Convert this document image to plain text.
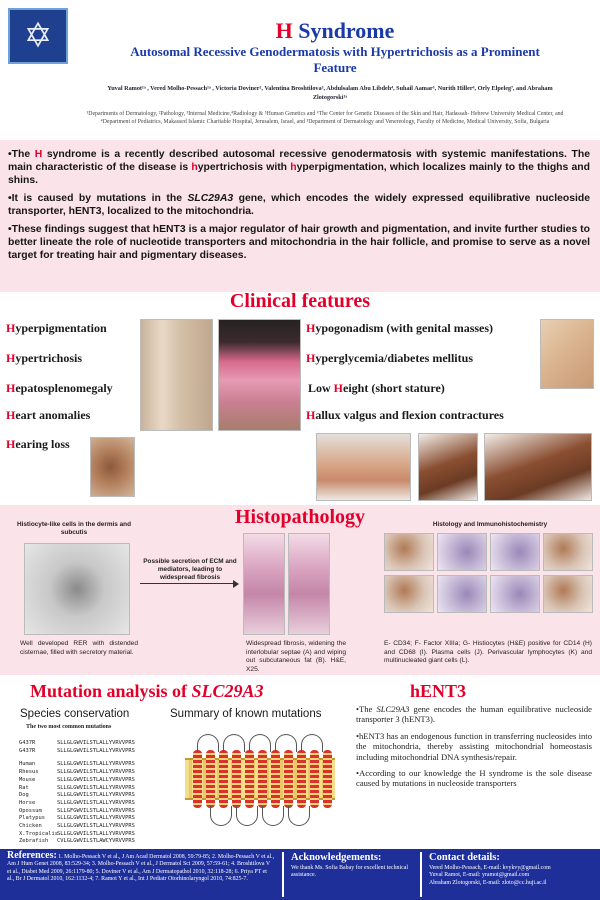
✡	H Syndrome
Autosomal Recessive Genodermatosis with Hypertrichosis as a Prominent Feature
Yuval Ramot¹ᵃ , Vered Molho-Pessach¹ᵃ , Victoria Doviner², Valentina Broshtilova³, Abdulsalam Abu Libdeh⁴, Suhail Aamar⁵, Nurith Hiller⁶, Orly Elpeleg⁷, and Abraham Zlotogorski¹ᵃ
¹Departments of Dermatology, ²Pathology, ³Internal Medicine,⁴Radiology & ⁵Human Genetics and ⁶The Center for Genetic Diseases of the Skin and Hair, Hadassah- Hebrew University Medical Center, and ⁴Department of Pediatrics, Makassed Islamic Charitable Hospital, Jerusalem, Israel, and ³Department of Dermatology and Venereology, Faculty of Medicine, Medical University, Sofia, Bulgaria

•The H syndrome is a recently described autosomal recessive genodermatosis with systemic manifestations. The main characteristic of the disease is hypertrichosis with hyperpigmentation, which localizes mainly to the thighs and shins.

•It is caused by mutations in the SLC29A3 gene, which encodes the widely expressed equilibrative nucleoside transporter, hENT3, localized to the mitochondria.

•These findings suggest that hENT3 is a major regulator of hair growth and pigmentation, and invite further studies to better lineate the role of nucleotide transporters and mitochondria in the hair follicle, and promise to serve as a novel target for treating hair and pigmentary diseases.

Clinical features
Hyperpigmentation
Hypertrichosis
Hepatosplenomegaly
Heart anomalies
Hearing loss
Hypogonadism (with genital masses)
Hyperglycemia/diabetes mellitus
Low Height (short stature)
Hallux valgus and flexion contractures
Histopathology
Histiocyte-like cells in the dermis and subcutis
Well developed RER with distended cisternae, filled with secretory material.
Possible secretion of ECM and mediators, leading to widespread fibrosis
Widespread fibrosis, widening the interlobular septae (A) and wiping out subcutaneous fat (B). H&E, X25.
Histology and Immunohistochemistry
E- CD34; F- Factor XIIIa; G- Histiocytes (H&E) positive for CD14 (H) and CD68 (I). Plasma cells (J). Perivascular lymphocytes (K) and multinucleated giant cells (L).
Mutation analysis of SLC29A3
Species conservation
The two most common mutations
G437R	SLLGLGWVILSTLALLYVRVVPRS
G437R	SLLGLGWVILSTLALLYVRVVPRS
Human	SLLGLGWVILSTLALLYVRVVPRS
Rhesus	SLLGLGWVILSTLALLYVRVVPRS
Mouse	SLLGLGWVILSTLALLYVRVVPRS
Rat	SLLGLGWVILSTLALLYVRVVPRS
Dog	SLLGLGWVILSTLALLYVRVVPRS
Horse	SLLGLGWVILSTLALLYVRVVPRS
Opossum	SLLGFGWVILSTLALLYVRVVPRS
Platypus	SLLGLGWVILSTLALLYVRVVPRS
Chicken	SLLGLGWVILSTLALLYVRVVPRS
X.Tropicalis SLLGLGWVILSTLALLYVRVVPRS
Zebrafish	CVLGLGWVILSTLAWCYVRVVPRS
Summary of known mutations
hENT3

•The SLC29A3 gene encodes the human equilibrative nucleoside transporter 3 (hENT3).

•hENT3 has an endogenous function in transferring nucleosides into the mitochondria, thereby assisting mitochondrial homeostasis including mitochondrial DNA synthesis/repair.

•According to our knowledge the H syndrome is the sole disease caused by mutations in nucleoside transporters

References: 1. Molho-Pessach V et al., J Am Acad Dermatol 2008, 59:79-85; 2. Molho-Pessach V et al., Am J Hum Genet 2008, 83:529-34; 3. Molho-Pessach V et al., J Dermatol Sci 2009, 57:59-61; 4. Broshtilova V et al., Diabet Med 2009, 26:1179-80; 5. Doviner V et al., Am J Dermatopathol 2010, 32:118-28; 6. Priya PT et al., Br J Dermatol 2010, 162:1132-4; 7. Ramot Y et al., Int J Pediatr Otorhinolaryngol 2010, 74:825-7.
Acknowledgements:
We thank Ms. Sofia Babay for excellent technical assistance.
Contact details:
Vered Molho-Pessach, E-mail: kvykvy@gmail.com
Yuval Ramot, E-mail: yramot@gmail.com
Abraham Zlotogorski, E-mail: zloto@cc.huji.ac.il
